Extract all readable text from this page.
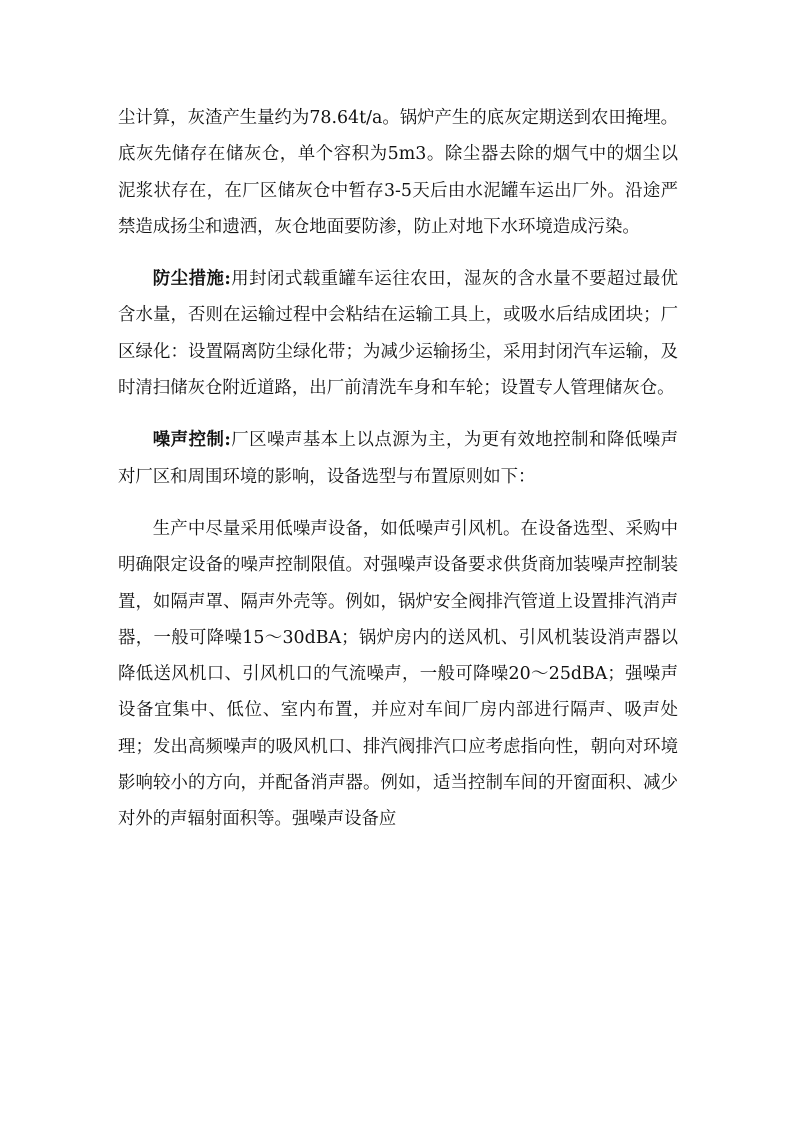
尘计算，灰渣产生量约为78.64t/a。锅炉产生的底灰定期送到农田掩埋。底灰先储存在储灰仓，单个容积为5m3。除尘器去除的烟气中的烟尘以泥浆状存在，在厂区储灰仓中暂存3-5天后由水泥罐车运出厂外。沿途严禁造成扬尘和遗洒，灰仓地面要防渗，防止对地下水环境造成污染。

防尘措施:用封闭式载重罐车运往农田，湿灰的含水量不要超过最优含水量，否则在运输过程中会粘结在运输工具上，或吸水后结成团块；厂区绿化：设置隔离防尘绿化带；为减少运输扬尘，采用封闭汽车运输，及时清扫储灰仓附近道路，出厂前清洗车身和车轮；设置专人管理储灰仓。

噪声控制:厂区噪声基本上以点源为主，为更有效地控制和降低噪声对厂区和周围环境的影响，设备选型与布置原则如下：

生产中尽量采用低噪声设备，如低噪声引风机。在设备选型、采购中明确限定设备的噪声控制限值。对强噪声设备要求供货商加装噪声控制装置，如隔声罩、隔声外壳等。例如，锅炉安全阀排汽管道上设置排汽消声器，一般可降噪15～30dBA；锅炉房内的送风机、引风机装设消声器以降低送风机口、引风机口的气流噪声，一般可降噪20～25dBA；强噪声设备宜集中、低位、室内布置，并应对车间厂房内部进行隔声、吸声处理；发出高频噪声的吸风机口、排汽阀排汽口应考虑指向性，朝向对环境影响较小的方向，并配备消声器。例如，适当控制车间的开窗面积、减少对外的声辐射面积等。强噪声设备应
